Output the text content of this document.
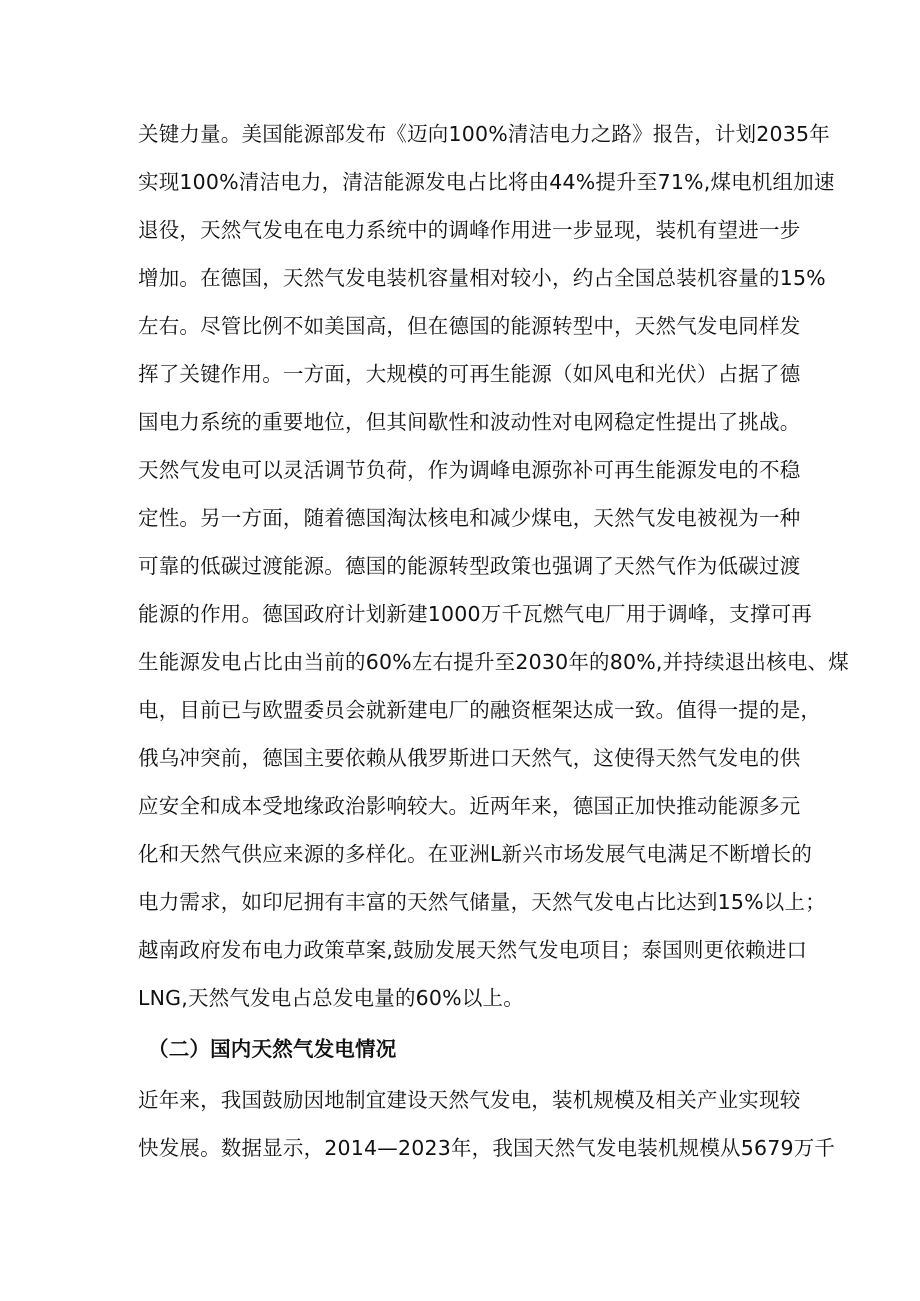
关键力量。美国能源部发布《迈向100%清洁电力之路》报告，计划2035年
实现100%清洁电力，清洁能源发电占比将由44%提升至71%,煤电机组加速
退役，天然气发电在电力系统中的调峰作用进一步显现，装机有望进一步
增加。在德国，天然气发电装机容量相对较小，约占全国总装机容量的15%
左右。尽管比例不如美国高，但在德国的能源转型中，天然气发电同样发
挥了关键作用。一方面，大规模的可再生能源（如风电和光伏）占据了德
国电力系统的重要地位，但其间歇性和波动性对电网稳定性提出了挑战。
天然气发电可以灵活调节负荷，作为调峰电源弥补可再生能源发电的不稳
定性。另一方面，随着德国淘汰核电和减少煤电，天然气发电被视为一种
可靠的低碳过渡能源。德国的能源转型政策也强调了天然气作为低碳过渡
能源的作用。德国政府计划新建1000万千瓦燃气电厂用于调峰，支撑可再
生能源发电占比由当前的60%左右提升至2030年的80%,并持续退出核电、煤
电，目前已与欧盟委员会就新建电厂的融资框架达成一致。值得一提的是，
俄乌冲突前，德国主要依赖从俄罗斯进口天然气，这使得天然气发电的供
应安全和成本受地缘政治影响较大。近两年来，德国正加快推动能源多元
化和天然气供应来源的多样化。在亚洲L新兴市场发展气电满足不断增长的
电力需求，如印尼拥有丰富的天然气储量，天然气发电占比达到15%以上；
越南政府发布电力政策草案,鼓励发展天然气发电项目；泰国则更依赖进口
LNG,天然气发电占总发电量的60%以上。
（二）国内天然气发电情况
近年来，我国鼓励因地制宜建设天然气发电，装机规模及相关产业实现较
快发展。数据显示，2014—2023年，我国天然气发电装机规模从5679万千
